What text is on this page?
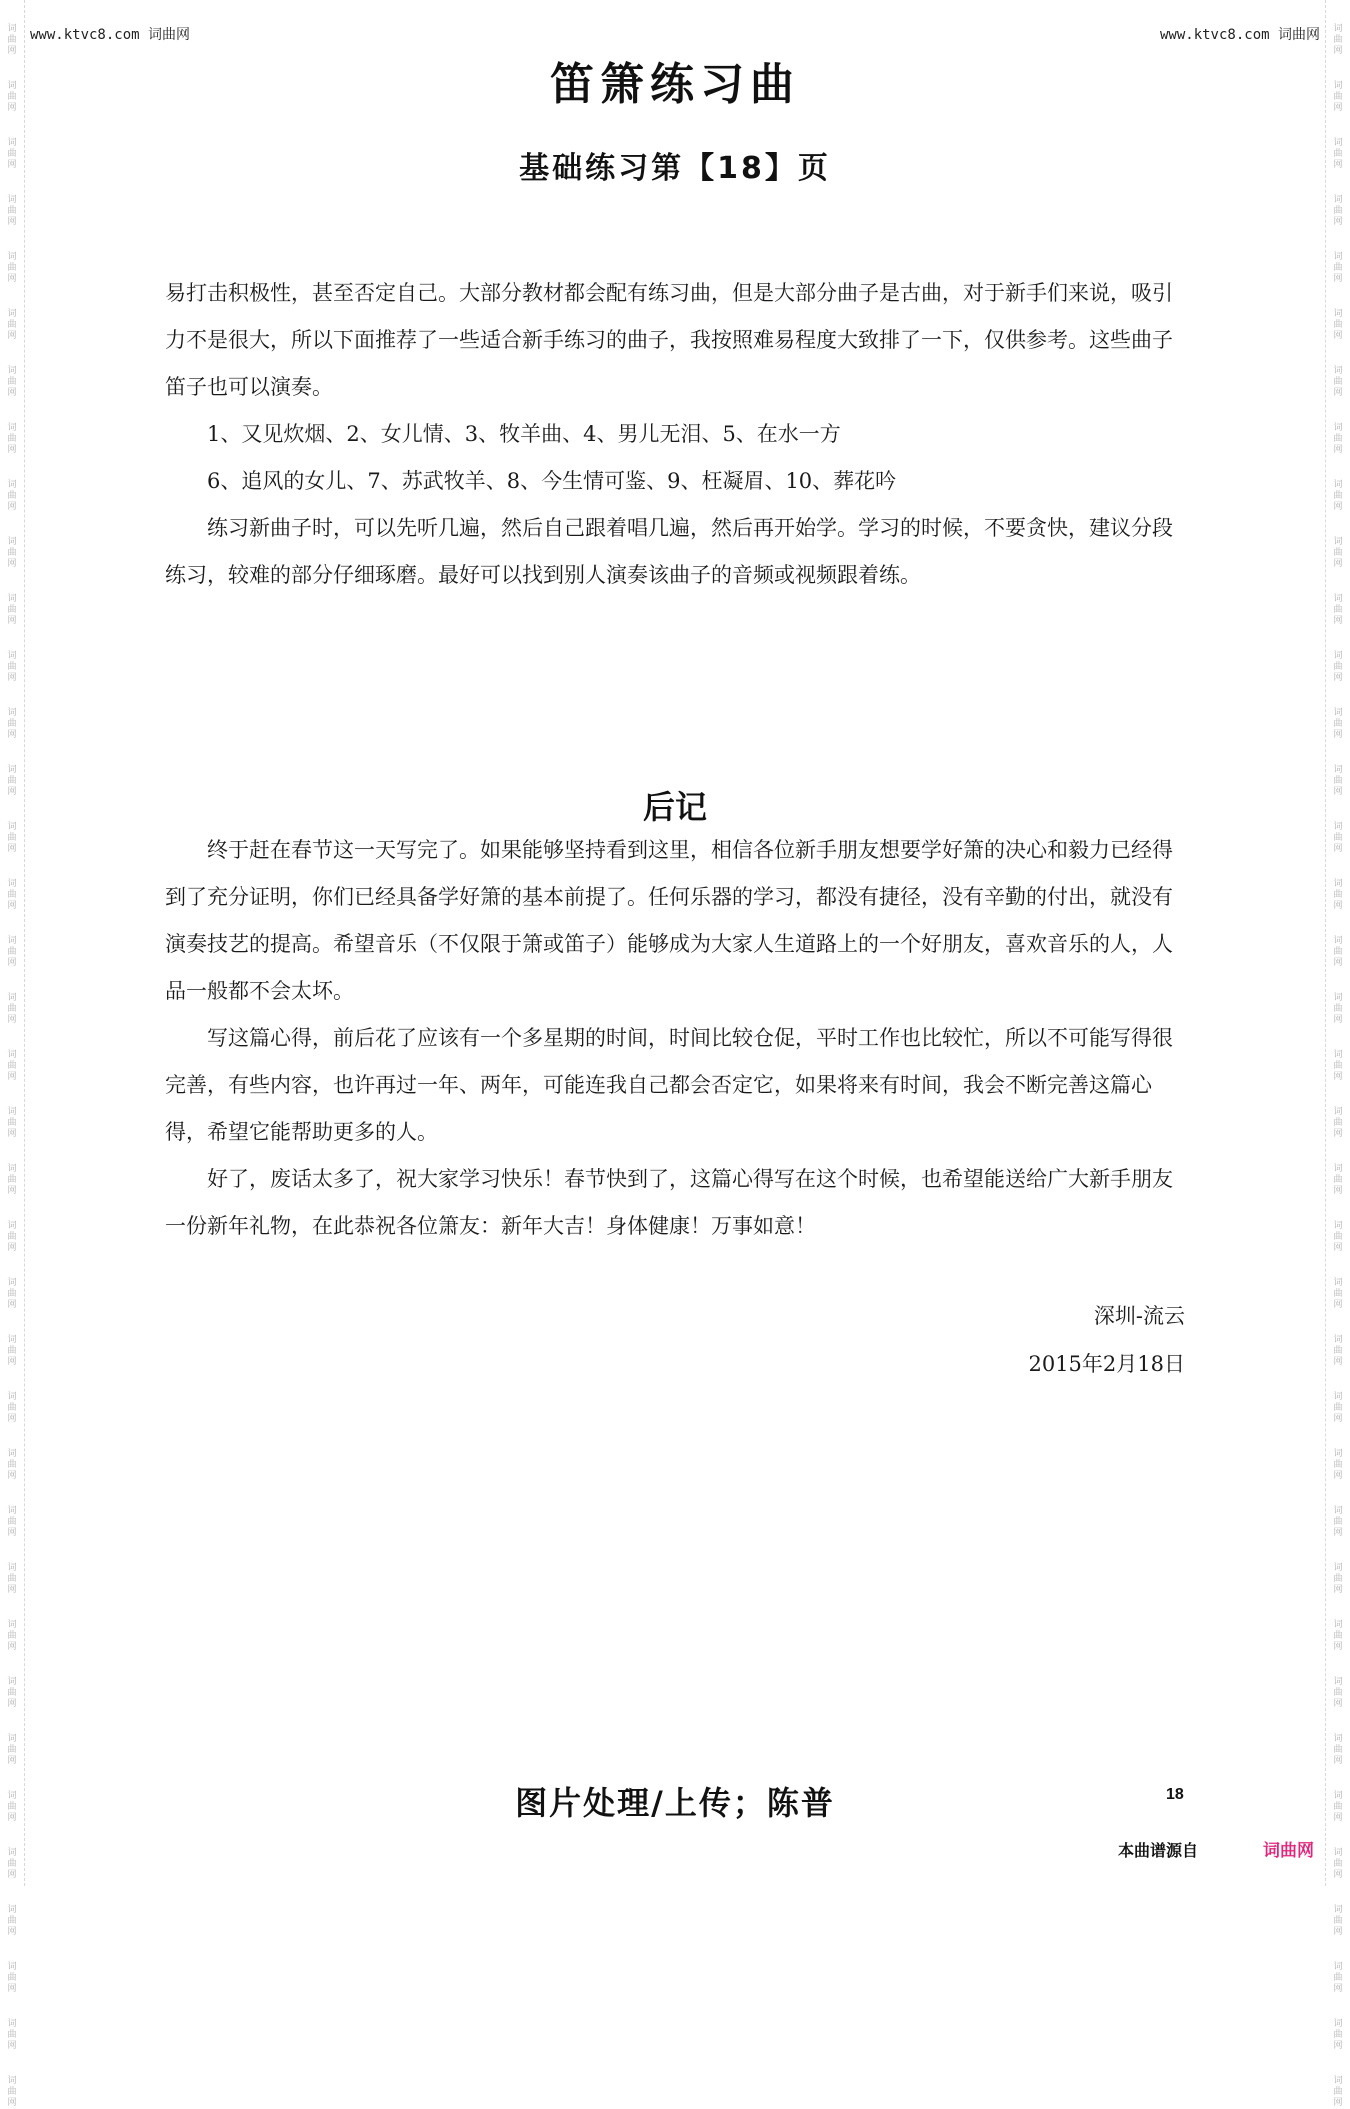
词曲网
词曲网
词曲网
词曲网
词曲网
词曲网
词曲网
词曲网
词曲网
词曲网
词曲网
词曲网
词曲网
词曲网
词曲网
词曲网
词曲网
词曲网
词曲网
词曲网
词曲网
词曲网
词曲网
词曲网
词曲网
词曲网
词曲网
词曲网
词曲网
词曲网
词曲网
词曲网
词曲网
词曲网
词曲网
词曲网
词曲网
词曲网
词曲网
词曲网
词曲网
词曲网
词曲网
词曲网
词曲网
词曲网
词曲网
词曲网
词曲网
词曲网
词曲网
词曲网
词曲网
词曲网
词曲网
词曲网
词曲网
词曲网
词曲网
词曲网
词曲网
词曲网
词曲网
词曲网
词曲网
词曲网
词曲网
词曲网
词曲网
词曲网
词曲网
词曲网
词曲网
词曲网
www.ktvc8.com 词曲网	www.ktvc8.com 词曲网
笛箫练习曲
基础练习第【18】页

易打击积极性，甚至否定自己。大部分教材都会配有练习曲，但是大部分曲子是古曲，对于新手们来说，吸引力不是很大，所以下面推荐了一些适合新手练习的曲子，我按照难易程度大致排了一下，仅供参考。这些曲子笛子也可以演奏。

1、又见炊烟、2、女儿情、3、牧羊曲、4、男儿无泪、5、在水一方

6、追风的女儿、7、苏武牧羊、8、今生情可鉴、9、枉凝眉、10、葬花吟

练习新曲子时，可以先听几遍，然后自己跟着唱几遍，然后再开始学。学习的时候，不要贪快，建议分段练习，较难的部分仔细琢磨。最好可以找到别人演奏该曲子的音频或视频跟着练。

后记

终于赶在春节这一天写完了。如果能够坚持看到这里，相信各位新手朋友想要学好箫的决心和毅力已经得到了充分证明，你们已经具备学好箫的基本前提了。任何乐器的学习，都没有捷径，没有辛勤的付出，就没有演奏技艺的提高。希望音乐（不仅限于箫或笛子）能够成为大家人生道路上的一个好朋友，喜欢音乐的人，人品一般都不会太坏。

写这篇心得，前后花了应该有一个多星期的时间，时间比较仓促，平时工作也比较忙，所以不可能写得很完善，有些内容，也许再过一年、两年，可能连我自己都会否定它，如果将来有时间，我会不断完善这篇心得，希望它能帮助更多的人。

好了，废话太多了，祝大家学习快乐！春节快到了，这篇心得写在这个时候，也希望能送给广大新手朋友一份新年礼物，在此恭祝各位箫友：新年大吉！身体健康！万事如意！

深圳-流云
2015年2月18日
图片处理/上传；陈普	18
本曲谱源自	词曲网
